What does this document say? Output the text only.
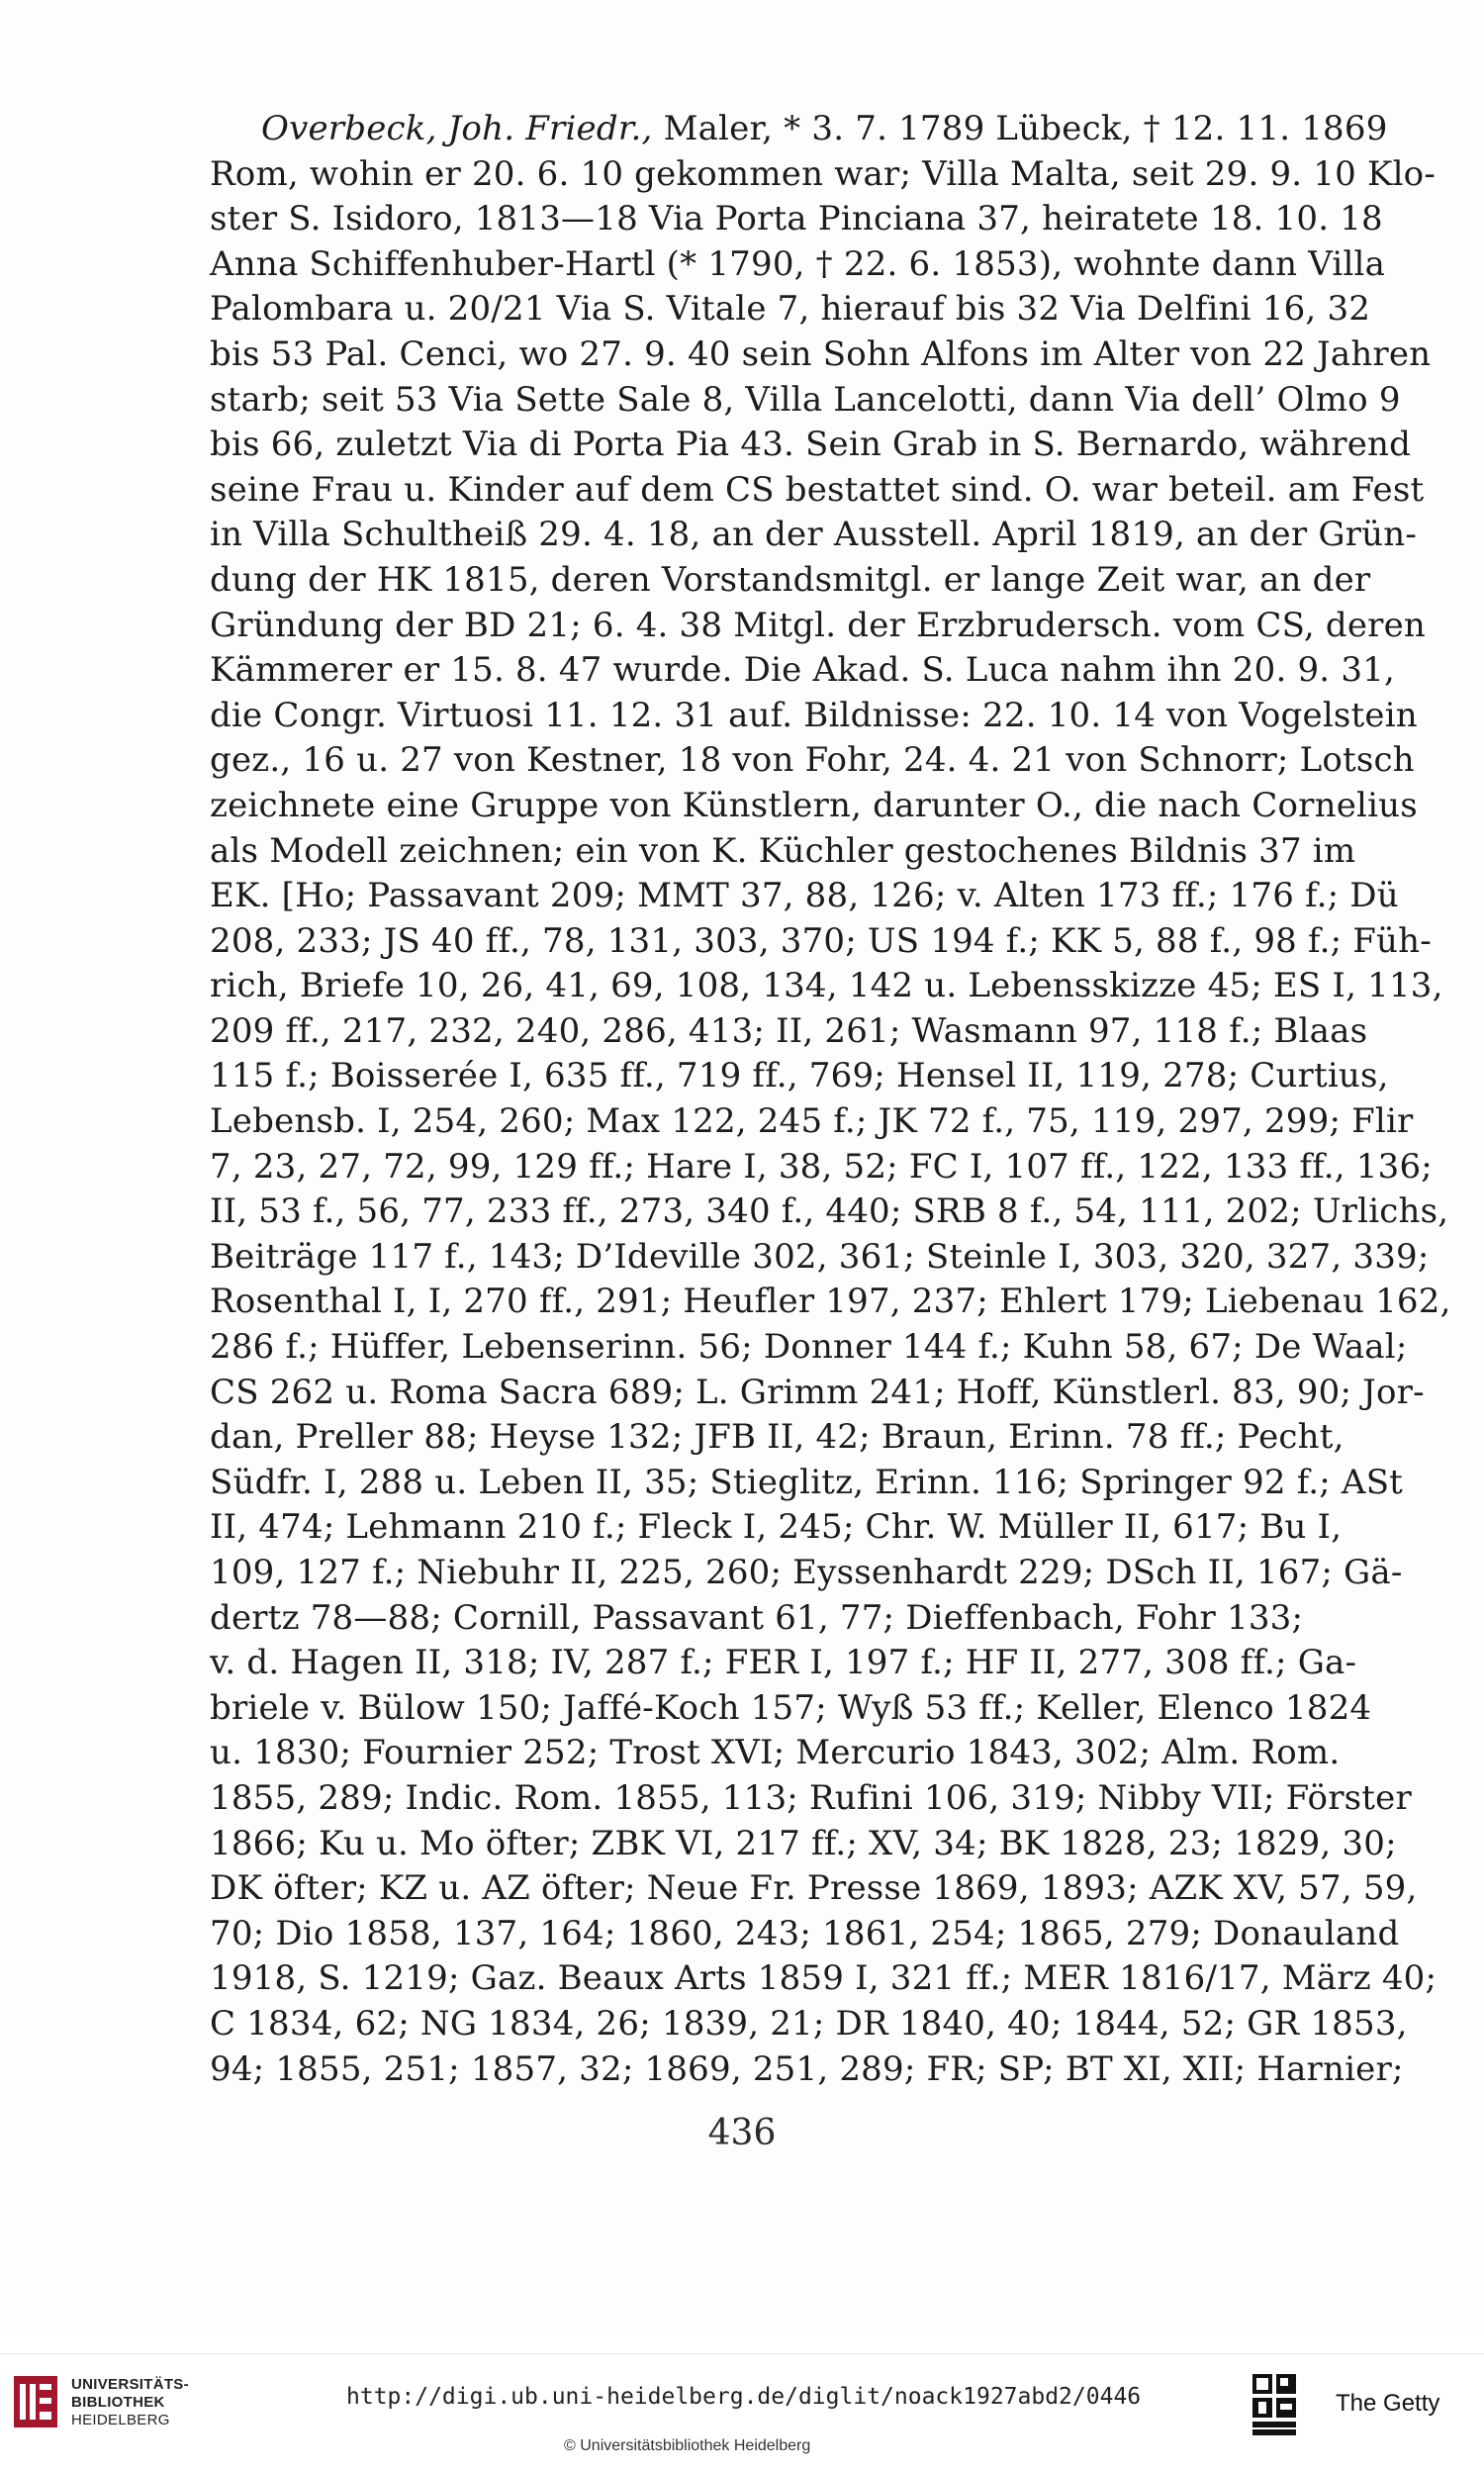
Overbeck, Joh. Friedr., Maler, * 3. 7. 1789 Lübeck, † 12. 11. 1869
Rom, wohin er 20. 6. 10 gekommen war; Villa Malta, seit 29. 9. 10 Klo-
ster S. Isidoro, 1813—18 Via Porta Pinciana 37, heiratete 18. 10. 18
Anna Schiffenhuber-Hartl (* 1790, † 22. 6. 1853), wohnte dann Villa
Palombara u. 20/21 Via S. Vitale 7, hierauf bis 32 Via Delfini 16, 32
bis 53 Pal. Cenci, wo 27. 9. 40 sein Sohn Alfons im Alter von 22 Jahren
starb; seit 53 Via Sette Sale 8, Villa Lancelotti, dann Via dell’ Olmo 9
bis 66, zuletzt Via di Porta Pia 43. Sein Grab in S. Bernardo, während
seine Frau u. Kinder auf dem CS bestattet sind. O. war beteil. am Fest
in Villa Schultheiß 29. 4. 18, an der Ausstell. April 1819, an der Grün-
dung der HK 1815, deren Vorstandsmitgl. er lange Zeit war, an der
Gründung der BD 21; 6. 4. 38 Mitgl. der Erzbrudersch. vom CS, deren
Kämmerer er 15. 8. 47 wurde. Die Akad. S. Luca nahm ihn 20. 9. 31,
die Congr. Virtuosi 11. 12. 31 auf. Bildnisse: 22. 10. 14 von Vogelstein
gez., 16 u. 27 von Kestner, 18 von Fohr, 24. 4. 21 von Schnorr; Lotsch
zeichnete eine Gruppe von Künstlern, darunter O., die nach Cornelius
als Modell zeichnen; ein von K. Küchler gestochenes Bildnis 37 im
EK. [Ho; Passavant 209; MMT 37, 88, 126; v. Alten 173 ff.; 176 f.; Dü
208, 233; JS 40 ff., 78, 131, 303, 370; US 194 f.; KK 5, 88 f., 98 f.; Füh-
rich, Briefe 10, 26, 41, 69, 108, 134, 142 u. Lebensskizze 45; ES I, 113,
209 ff., 217, 232, 240, 286, 413; II, 261; Wasmann 97, 118 f.; Blaas
115 f.; Boisserée I, 635 ff., 719 ff., 769; Hensel II, 119, 278; Curtius,
Lebensb. I, 254, 260; Max 122, 245 f.; JK 72 f., 75, 119, 297, 299; Flir
7, 23, 27, 72, 99, 129 ff.; Hare I, 38, 52; FC I, 107 ff., 122, 133 ff., 136;
II, 53 f., 56, 77, 233 ff., 273, 340 f., 440; SRB 8 f., 54, 111, 202; Urlichs,
Beiträge 117 f., 143; D’Ideville 302, 361; Steinle I, 303, 320, 327, 339;
Rosenthal I, I, 270 ff., 291; Heufler 197, 237; Ehlert 179; Liebenau 162,
286 f.; Hüffer, Lebenserinn. 56; Donner 144 f.; Kuhn 58, 67; De Waal;
CS 262 u. Roma Sacra 689; L. Grimm 241; Hoff, Künstlerl. 83, 90; Jor-
dan, Preller 88; Heyse 132; JFB II, 42; Braun, Erinn. 78 ff.; Pecht,
Südfr. I, 288 u. Leben II, 35; Stieglitz, Erinn. 116; Springer 92 f.; ASt
II, 474; Lehmann 210 f.; Fleck I, 245; Chr. W. Müller II, 617; Bu I,
109, 127 f.; Niebuhr II, 225, 260; Eyssenhardt 229; DSch II, 167; Gä-
dertz 78—88; Cornill, Passavant 61, 77; Dieffenbach, Fohr 133;
v. d. Hagen II, 318; IV, 287 f.; FER I, 197 f.; HF II, 277, 308 ff.; Ga-
briele v. Bülow 150; Jaffé-Koch 157; Wyß 53 ff.; Keller, Elenco 1824
u. 1830; Fournier 252; Trost XVI; Mercurio 1843, 302; Alm. Rom.
1855, 289; Indic. Rom. 1855, 113; Rufini 106, 319; Nibby VII; Förster
1866; Ku u. Mo öfter; ZBK VI, 217 ff.; XV, 34; BK 1828, 23; 1829, 30;
DK öfter; KZ u. AZ öfter; Neue Fr. Presse 1869, 1893; AZK XV, 57, 59,
70; Dio 1858, 137, 164; 1860, 243; 1861, 254; 1865, 279; Donauland
1918, S. 1219; Gaz. Beaux Arts 1859 I, 321 ff.; MER 1816/17, März 40;
C 1834, 62; NG 1834, 26; 1839, 21; DR 1840, 40; 1844, 52; GR 1853,
94; 1855, 251; 1857, 32; 1869, 251, 289; FR; SP; BT XI, XII; Harnier;
436
UNIVERSITÄTS-
BIBLIOTHEK
HEIDELBERG
http://digi.ub.uni-heidelberg.de/diglit/noack1927abd2/0446
© Universitätsbibliothek Heidelberg
The Getty
